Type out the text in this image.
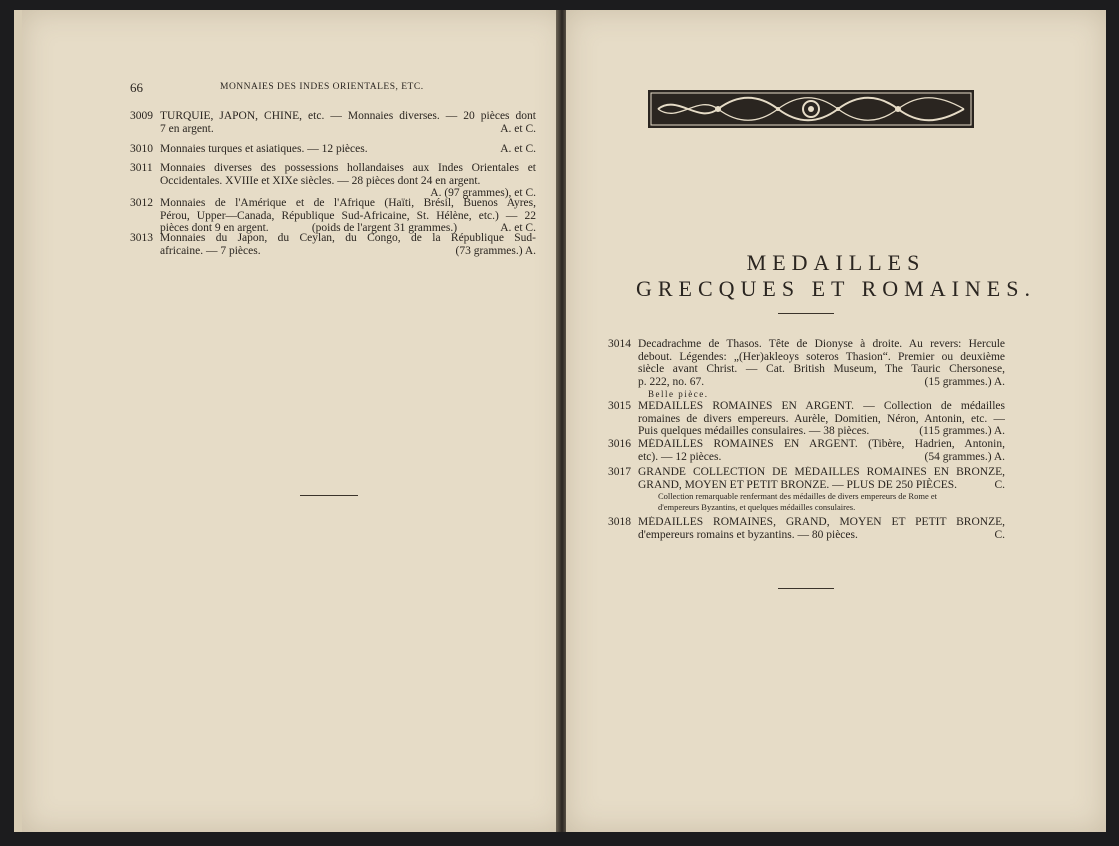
66	MONNAIES DES INDES ORIENTALES, ETC.
3009 TURQUIE, JAPON, CHINE, etc. — Monnaies diverses. — 20 pièces dont
7 en argent.	A. et C.
3010 Monnaies turques et asiatiques. — 12 pièces.	A. et C.
3011 Monnaies diverses des possessions hollandaises aux Indes Orientales et
Occidentales. XVIIIe et XIXe siècles. — 28 pièces dont 24 en argent.
A. (97 grammes), et C.
3012 Monnaies de l'Amérique et de l'Afrique (Haïti, Brésil, Buenos Ayres,
Pérou, Upper—Canada, République Sud-Africaine, St. Hélène, etc.) — 22
pièces dont 9 en argent.	(poids de l'argent 31 grammes.)	A. et C.
3013 Monnaies du Japon, du Ceylan, du Congo, de la République Sud-
africaine. — 7 pièces.	(73 grammes.) A.	MEDAILLES
GRECQUES ET ROMAINES.
3014 Decadrachme de Thasos. Tête de Dionyse à droite. Au revers: Hercule
debout. Légendes: „(Her)akleoys soteros Thasion“. Premier ou deuxième
siècle avant Christ. — Cat. British Museum, The Tauric Chersonese,
p. 222, no. 67.	(15 grammes.) A.
Belle pièce.
3015 MEDAILLES ROMAINES EN ARGENT. — Collection de médailles
romaines de divers empereurs. Aurèle, Domitien, Néron, Antonin, etc. —
Puis quelques médailles consulaires. — 38 pièces.	(115 grammes.) A.
3016 MÉDAILLES ROMAINES EN ARGENT. (Tibère, Hadrien, Antonin,
etc). — 12 pièces.	(54 grammes.) A.
3017 GRANDE COLLECTION DE MÉDAILLES ROMAINES EN BRONZE,
GRAND, MOYEN ET PETIT BRONZE. — PLUS DE 250 PIÈCES.	C.
Collection remarquable renfermant des médailles de divers empereurs de Rome et
d'empereurs Byzantins, et quelques médailles consulaires.
3018 MÉDAILLES ROMAINES, GRAND, MOYEN ET PETIT BRONZE,
d'empereurs romains et byzantins. — 80 pièces.	C.
